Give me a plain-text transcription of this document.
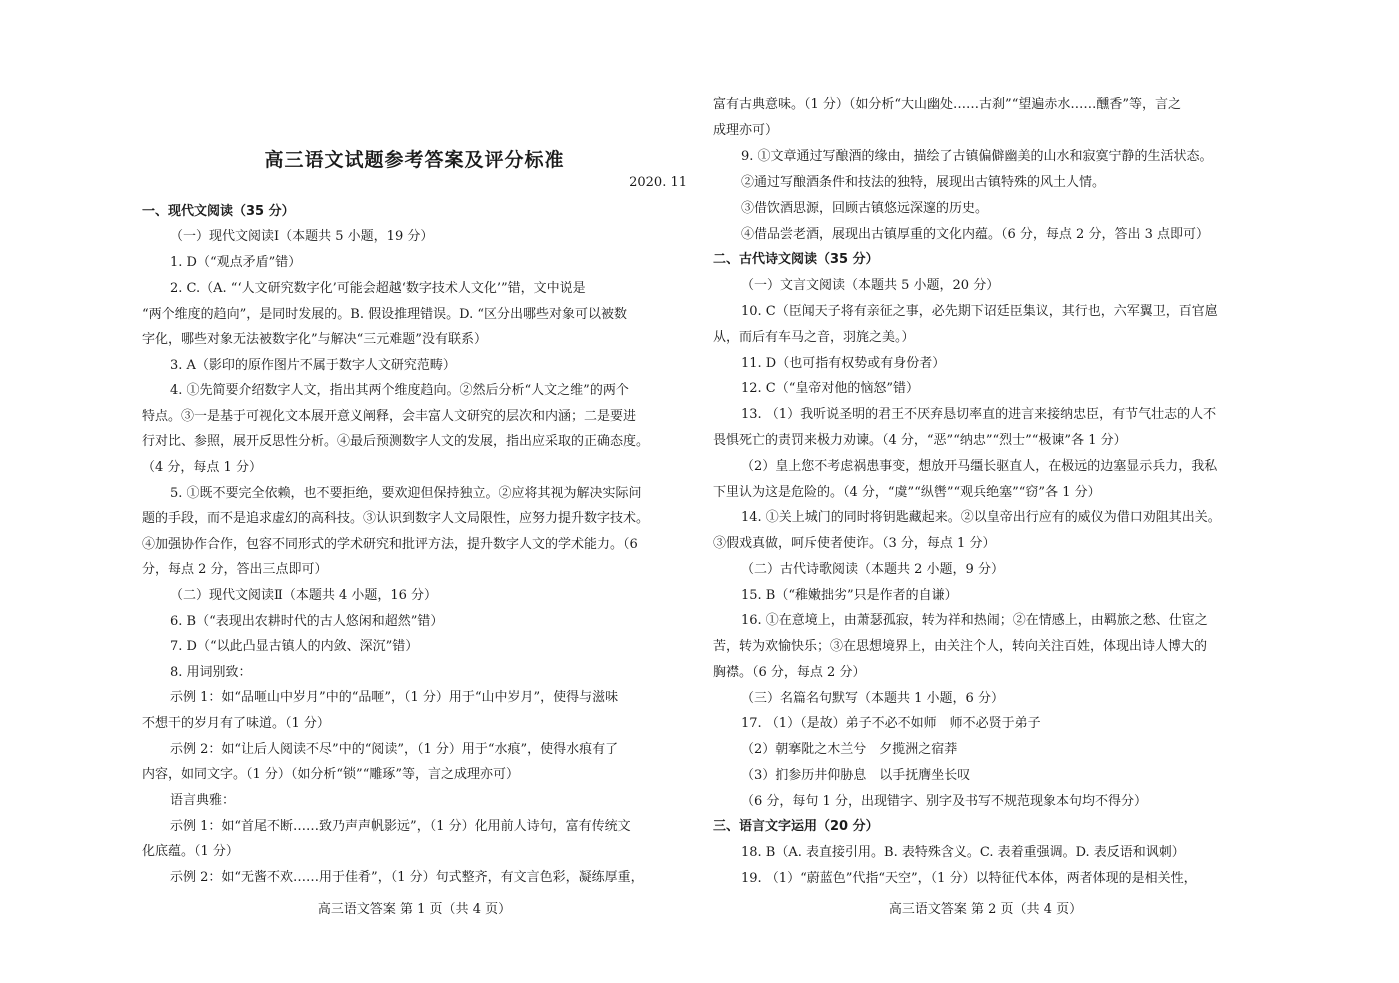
高三语文试题参考答案及评分标准
2020. 11
一、现代文阅读（35 分）
（一）现代文阅读Ⅰ（本题共 5 小题，19 分）
1. D（“观点矛盾”错）
2. C.（A. “‘人文研究数字化’可能会超越‘数字技术人文化’”错，文中说是
“两个维度的趋向”，是同时发展的。B. 假设推理错误。D. “区分出哪些对象可以被数
字化，哪些对象无法被数字化”与解决“三元难题”没有联系）
3. A（影印的原作图片不属于数字人文研究范畴）
4. ①先简要介绍数字人文，指出其两个维度趋向。②然后分析“人文之维”的两个
特点。③一是基于可视化文本展开意义阐释，会丰富人文研究的层次和内涵；二是要进
行对比、参照，展开反思性分析。④最后预测数字人文的发展，指出应采取的正确态度。
（4 分，每点 1 分）
5. ①既不要完全依赖，也不要拒绝，要欢迎但保持独立。②应将其视为解决实际问
题的手段，而不是追求虚幻的高科技。③认识到数字人文局限性，应努力提升数字技术。
④加强协作合作，包容不同形式的学术研究和批评方法，提升数字人文的学术能力。（6
分，每点 2 分，答出三点即可）
（二）现代文阅读Ⅱ（本题共 4 小题，16 分）
6. B（“表现出农耕时代的古人悠闲和超然”错）
7. D（“以此凸显古镇人的内敛、深沉”错）
8. 用词别致：
示例 1：如“品咂山中岁月”中的“品咂”，（1 分）用于“山中岁月”，使得与滋味
不想干的岁月有了味道。（1 分）
示例 2：如“让后人阅读不尽”中的“阅读”，（1 分）用于“水痕”，使得水痕有了
内容，如同文字。（1 分）（如分析“锁”“雕琢”等，言之成理亦可）
语言典雅：
示例 1：如“首尾不断……致乃声声帆影远”，（1 分）化用前人诗句，富有传统文
化底蕴。（1 分）
示例 2：如“无酱不欢……用于佳肴”，（1 分）句式整齐，有文言色彩，凝练厚重，
高三语文答案 第 1 页（共 4 页）
富有古典意味。（1 分）（如分析“大山幽处……古刹”“望遍赤水……醺香”等，言之
成理亦可）
9. ①文章通过写酿酒的缘由，描绘了古镇偏僻幽美的山水和寂寞宁静的生活状态。
②通过写酿酒条件和技法的独特，展现出古镇特殊的风土人情。
③借饮酒思源，回顾古镇悠远深邃的历史。
④借品尝老酒，展现出古镇厚重的文化内蕴。（6 分，每点 2 分，答出 3 点即可）
二、古代诗文阅读（35 分）
（一）文言文阅读（本题共 5 小题，20 分）
10. C（臣闻天子将有亲征之事，必先期下诏廷臣集议，其行也，六军翼卫，百官扈
从，而后有车马之音，羽旄之美。）
11. D（也可指有权势或有身份者）
12. C（“皇帝对他的恼怒”错）
13. （1）我听说圣明的君王不厌弃恳切率直的进言来接纳忠臣，有节气壮志的人不
畏惧死亡的责罚来极力劝谏。（4 分，“恶”“纳忠”“烈士”“极谏”各 1 分）
（2）皇上您不考虑祸患事变，想放开马缰长驱直人，在极远的边塞显示兵力，我私
下里认为这是危险的。（4 分，“虞”“纵辔”“观兵绝塞”“窃”各 1 分）
14. ①关上城门的同时将钥匙藏起来。②以皇帝出行应有的威仪为借口劝阻其出关。
③假戏真做，呵斥使者使诈。（3 分，每点 1 分）
（二）古代诗歌阅读（本题共 2 小题，9 分）
15. B（“稚嫩拙劣”只是作者的自谦）
16. ①在意境上，由萧瑟孤寂，转为祥和热闹；②在情感上，由羁旅之愁、仕宦之
苦，转为欢愉快乐；③在思想境界上，由关注个人，转向关注百姓，体现出诗人博大的
胸襟。（6 分，每点 2 分）
（三）名篇名句默写（本题共 1 小题，6 分）
17. （1）（是故）弟子不必不如师　师不必贤于弟子
（2）朝搴阰之木兰兮　夕揽洲之宿莽
（3）扪参历井仰胁息　以手抚膺坐长叹
（6 分，每句 1 分，出现错字、别字及书写不规范现象本句均不得分）
三、语言文字运用（20 分）
18. B（A. 表直接引用。B. 表特殊含义。C. 表着重强调。D. 表反语和讽刺）
19. （1）“蔚蓝色”代指“天空”，（1 分）以特征代本体，两者体现的是相关性，
高三语文答案 第 2 页（共 4 页）
